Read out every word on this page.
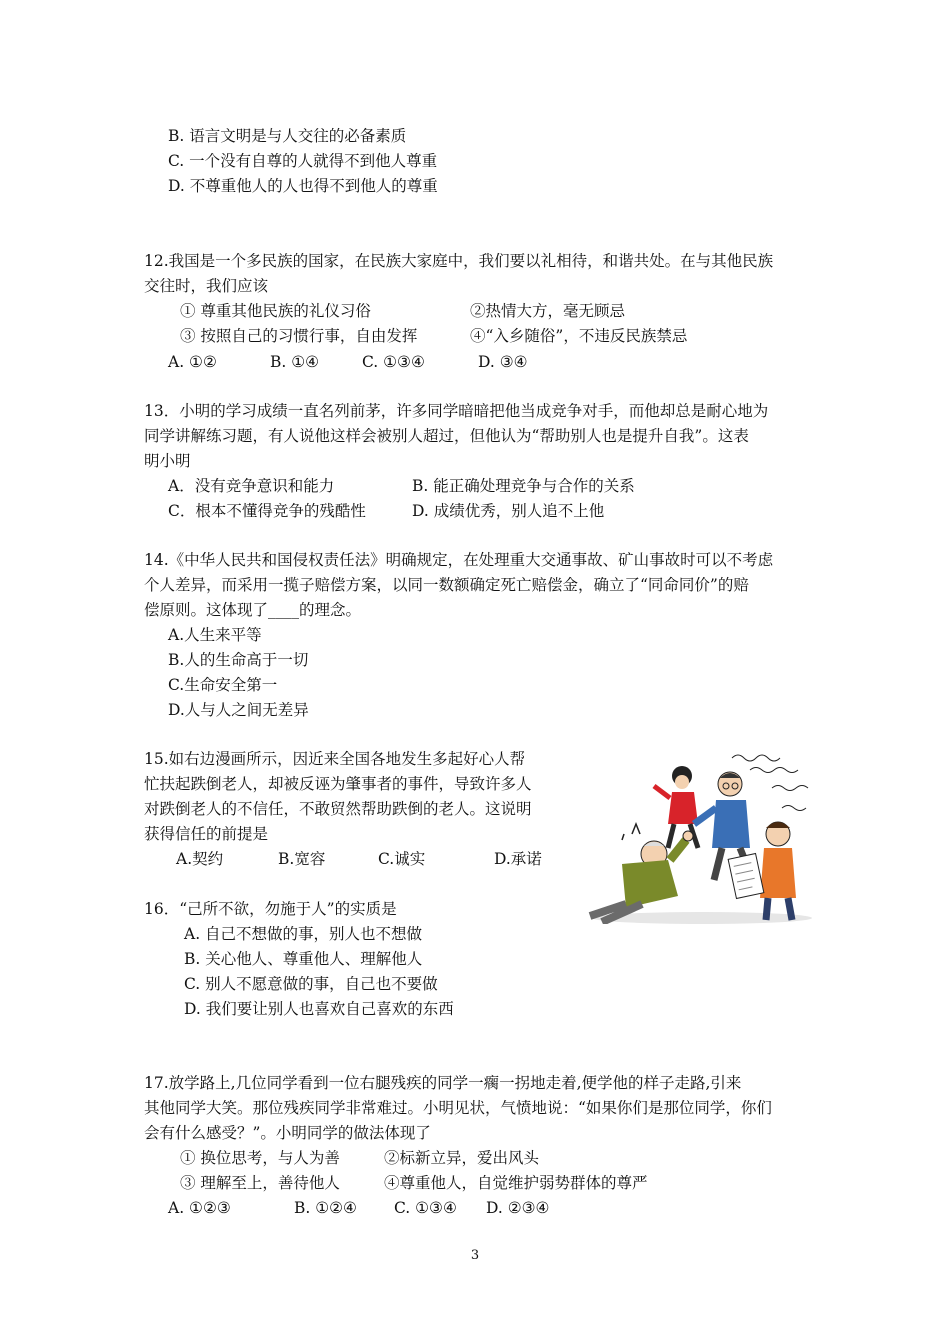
B. 语言文明是与人交往的必备素质
C. 一个没有自尊的人就得不到他人尊重
D. 不尊重他人的人也得不到他人的尊重
12.我国是一个多民族的国家，在民族大家庭中，我们要以礼相待，和谐共处。在与其他民族
交往时，我们应该
① 尊重其他民族的礼仪习俗	②热情大方，毫无顾忌
③ 按照自己的习惯行事，自由发挥	④“入乡随俗”，不违反民族禁忌
A. ①②	B. ①④	C. ①③④	D. ③④
13．小明的学习成绩一直名列前茅，许多同学暗暗把他当成竞争对手，而他却总是耐心地为
同学讲解练习题，有人说他这样会被别人超过，但他认为“帮助别人也是提升自我”。这表
明小明
A．没有竞争意识和能力	B. 能正确处理竞争与合作的关系
C．根本不懂得竞争的残酷性	D. 成绩优秀，别人追不上他
14.《中华人民共和国侵权责任法》明确规定，在处理重大交通事故、矿山事故时可以不考虑
个人差异，而采用一揽子赔偿方案，以同一数额确定死亡赔偿金，确立了“同命同价”的赔
偿原则。这体现了____的理念。
A.人生来平等
B.人的生命高于一切
C.生命安全第一
D.人与人之间无差异
15.如右边漫画所示，因近来全国各地发生多起好心人帮
忙扶起跌倒老人，却被反诬为肇事者的事件，导致许多人
对跌倒老人的不信任，不敢贸然帮助跌倒的老人。这说明
获得信任的前提是
A.契约	B.宽容	C.诚实	D.承诺
16．“己所不欲，勿施于人”的实质是
A. 自己不想做的事，别人也不想做
B. 关心他人、尊重他人、理解他人
C. 别人不愿意做的事，自己也不要做
D. 我们要让别人也喜欢自己喜欢的东西
17.放学路上,几位同学看到一位右腿残疾的同学一瘸一拐地走着,便学他的样子走路,引来
其他同学大笑。那位残疾同学非常难过。小明见状，气愤地说：“如果你们是那位同学，你们
会有什么感受？”。小明同学的做法体现了
① 换位思考，与人为善	②标新立异，爱出风头
③ 理解至上，善待他人	④尊重他人，自觉维护弱势群体的尊严
A. ①②③	B. ①②④ C. ①③④ D. ②③④
3
